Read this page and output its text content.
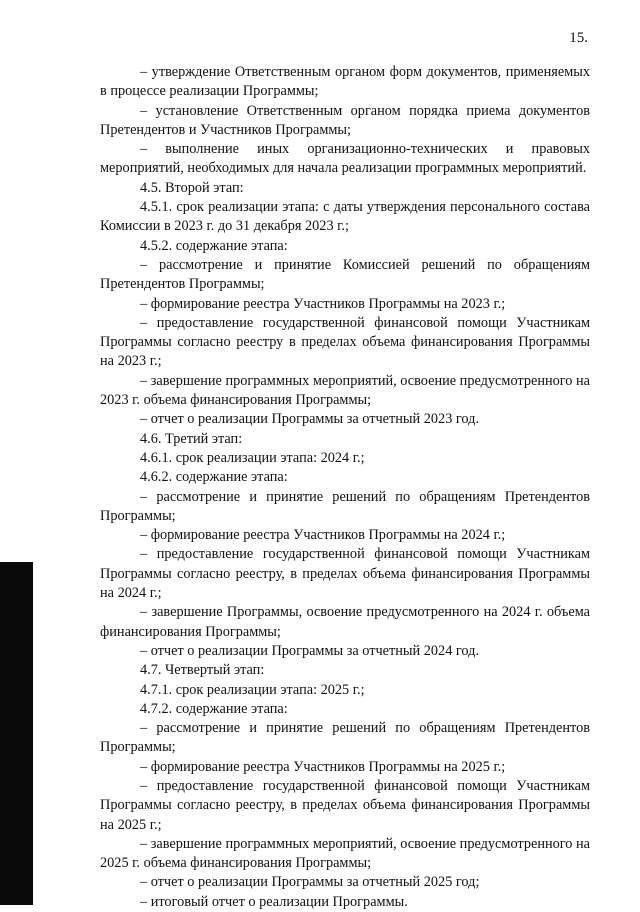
15.

– утверждение Ответственным органом форм документов, применяемых в процессе реализации Программы;

– установление Ответственным органом порядка приема документов Претендентов и Участников Программы;

– выполнение иных организационно-технических и правовых мероприятий, необходимых для начала реализации программных мероприятий.

4.5. Второй этап:

4.5.1. срок реализации этапа: с даты утверждения персонального состава Комиссии в 2023 г. до 31 декабря 2023 г.;

4.5.2. содержание этапа:

– рассмотрение и принятие Комиссией решений по обращениям Претендентов Программы;

– формирование реестра Участников Программы на 2023 г.;

– предоставление государственной финансовой помощи Участникам Программы согласно реестру в пределах объема финансирования Программы на 2023 г.;

– завершение программных мероприятий, освоение предусмотренного на 2023 г. объема финансирования Программы;

– отчет о реализации Программы за отчетный 2023 год.

4.6. Третий этап:

4.6.1. срок реализации этапа: 2024 г.;

4.6.2. содержание этапа:

– рассмотрение и принятие решений по обращениям Претендентов Программы;

– формирование реестра Участников Программы на 2024 г.;

– предоставление государственной финансовой помощи Участникам Программы согласно реестру, в пределах объема финансирования Программы на 2024 г.;

– завершение Программы, освоение предусмотренного на 2024 г. объема финансирования Программы;

– отчет о реализации Программы за отчетный 2024 год.

4.7. Четвертый этап:

4.7.1. срок реализации этапа: 2025 г.;

4.7.2. содержание этапа:

– рассмотрение и принятие решений по обращениям Претендентов Программы;

– формирование реестра Участников Программы на 2025 г.;

– предоставление государственной финансовой помощи Участникам Программы согласно реестру, в пределах объема финансирования Программы на 2025 г.;

– завершение программных мероприятий, освоение предусмотренного на 2025 г. объема финансирования Программы;

– отчет о реализации Программы за отчетный 2025 год;

– итоговый отчет о реализации Программы.
